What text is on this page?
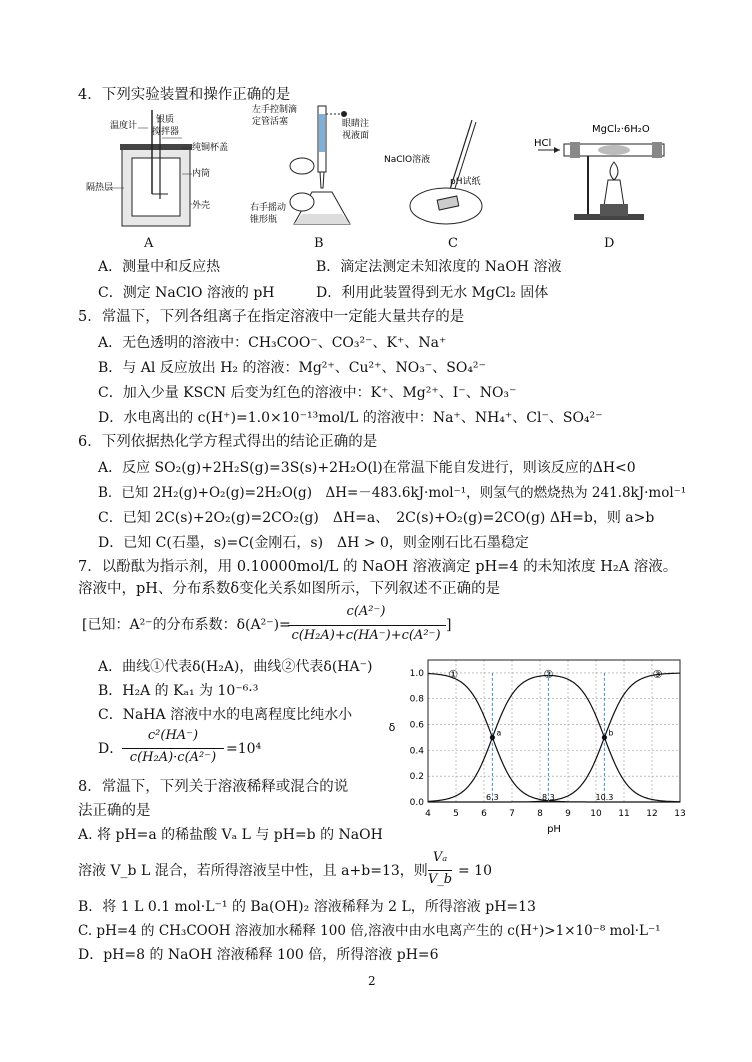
4．下列实验装置和操作正确的是
温度计
银质
搅拌器
纯铜杯盖
内筒
隔热层
外壳
A
左手控制滴
定管活塞	眼睛注
视液面
右手摇动
锥形瓶
B
NaClO溶液
pH试纸
C
HCl
MgCl₂·6H₂O
D
A．测量中和反应热	B．滴定法测定未知浓度的 NaOH 溶液
C．测定 NaClO 溶液的 pH	D．利用此装置得到无水 MgCl₂ 固体
5．常温下，下列各组离子在指定溶液中一定能大量共存的是
A．无色透明的溶液中：CH₃COO⁻、CO₃²⁻、K⁺、Na⁺
B．与 Al 反应放出 H₂ 的溶液：Mg²⁺、Cu²⁺、NO₃⁻、SO₄²⁻
C．加入少量 KSCN 后变为红色的溶液中：K⁺、Mg²⁺、I⁻、NO₃⁻
D．水电离出的 c(H⁺)=1.0×10⁻¹³mol/L 的溶液中：Na⁺、NH₄⁺、Cl⁻、SO₄²⁻
6．下列依据热化学方程式得出的结论正确的是
A．反应 SO₂(g)+2H₂S(g)=3S(s)+2H₂O(l)在常温下能自发进行，则该反应的ΔH<0
B．已知 2H₂(g)+O₂(g)=2H₂O(g)　ΔH=－483.6kJ·mol⁻¹，则氢气的燃烧热为 241.8kJ·mol⁻¹
C．已知 2C(s)+2O₂(g)=2CO₂(g)　ΔH=a、　2C(s)+O₂(g)=2CO(g) ΔH=b，则 a>b
D．已知 C(石墨，s)=C(金刚石，s)　ΔH > 0，则金刚石比石墨稳定
7．以酚酞为指示剂，用 0.10000mol/L 的 NaOH 溶液滴定 pH=4 的未知浓度 H₂A 溶液。
溶液中，pH、分布系数δ变化关系如图所示，下列叙述不正确的是
[已知：A²⁻的分布系数：δ(A²⁻)=
c(A²⁻)
c(H₂A)+c(HA⁻)+c(A²⁻)
]
A．曲线①代表δ(H₂A)，曲线②代表δ(HA⁻)
B．H₂A 的 Kₐ₁ 为 10⁻⁶·³
C．NaHA 溶液中水的电离程度比纯水小
D．
c²(HA⁻)
c(H₂A)·c(A²⁻)
=10⁴
4 5 6 7 8 9 10 11 12 13
0.0
0.2
0.4
0.6
0.8
1.0
pH
δ
①	②	③
6.3	8.3	10.3
a	b
8．常温下，下列关于溶液稀释或混合的说
法正确的是
A. 将 pH=a 的稀盐酸 Vₐ L 与 pH=b 的 NaOH
溶液 V_b L 混合，若所得溶液呈中性，且 a+b=13，则
Vₐ
V_b
= 10
B．将 1 L 0.1 mol·L⁻¹ 的 Ba(OH)₂ 溶液稀释为 2 L，所得溶液 pH=13
C. pH=4 的 CH₃COOH 溶液加水稀释 100 倍,溶液中由水电离产生的 c(H⁺)>1×10⁻⁸ mol·L⁻¹
D．pH=8 的 NaOH 溶液稀释 100 倍，所得溶液 pH=6
2
